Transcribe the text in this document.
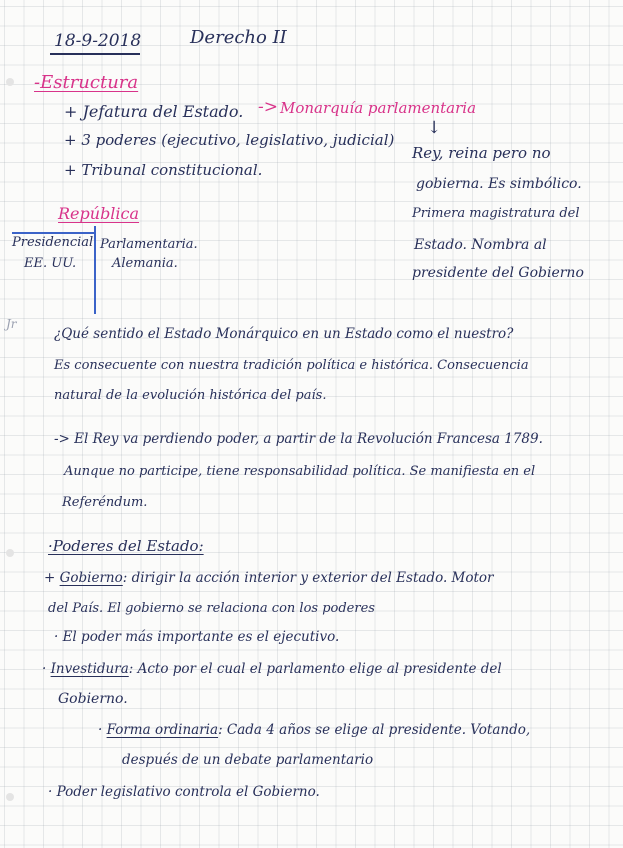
18-9-2018	Derecho II
-Estructura
+ Jefatura del Estado. -> Monarquía parlamentaria
+ 3 poderes (ejecutivo, legislativo, judicial)
↓
+ Tribunal constitucional.
Rey, reina pero no
gobierna. Es simbólico.
Primera magistratura del
Estado. Nombra al
presidente del Gobierno
República
Presidencial
EE. UU.
Parlamentaria.
Alemania.
Jr
¿Qué sentido el Estado Monárquico en un Estado como el nuestro?
Es consecuente con nuestra tradición política e histórica. Consecuencia
natural de la evolución histórica del país.
-> El Rey va perdiendo poder, a partir de la Revolución Francesa 1789.
Aunque no participe, tiene responsabilidad política. Se manifiesta en el
Referéndum.
·Poderes del Estado:
+ Gobierno: dirigir la acción interior y exterior del Estado. Motor
del País. El gobierno se relaciona con los poderes
· El poder más importante es el ejecutivo.
· Investidura: Acto por el cual el parlamento elige al presidente del
Gobierno.
· Forma ordinaria: Cada 4 años se elige al presidente. Votando,
después de un debate parlamentario
· Poder legislativo controla el Gobierno.
